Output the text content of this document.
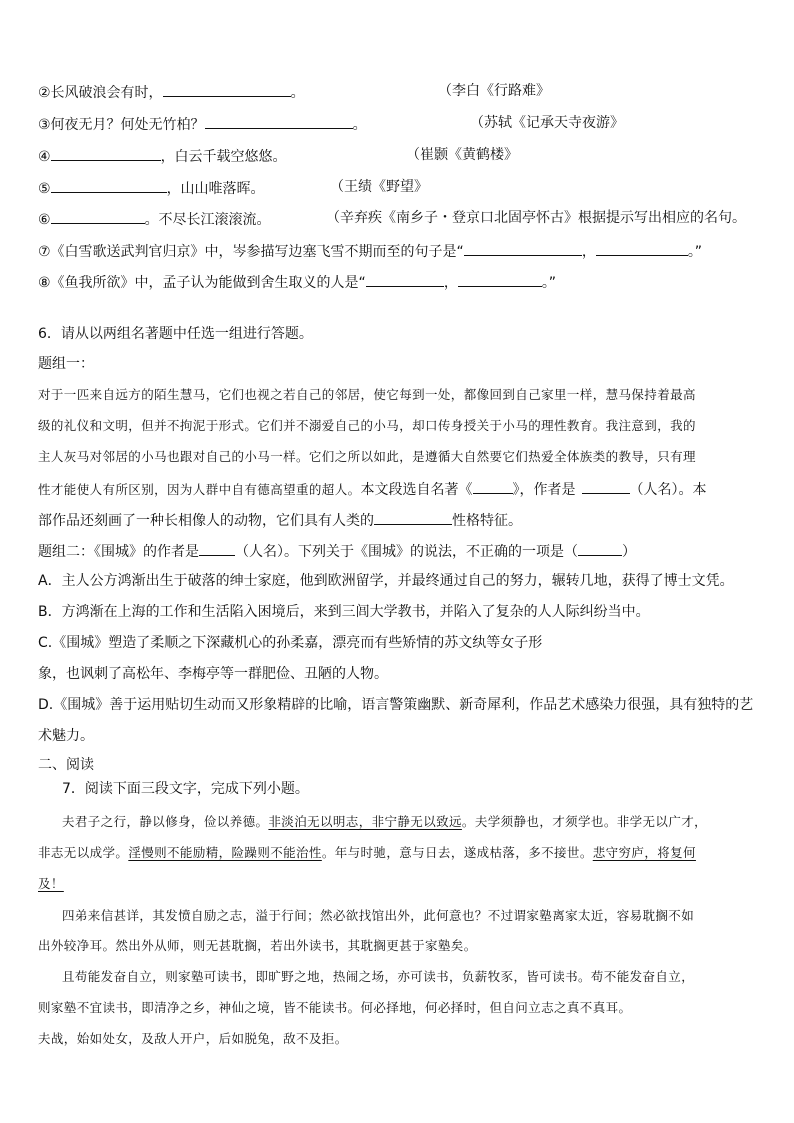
②长风破浪会有时，	。	（李白《行路难》
③何夜无月？何处无竹柏？	。	（苏轼《记承天寺夜游》
④	，白云千载空悠悠。	（崔颢《黄鹤楼》
⑤	，山山唯落晖。	（王绩《野望》
⑥	。不尽长江滚滚流。	（辛弃疾《南乡子・登京口北固亭怀古》根据提示写出相应的名句。
⑦《白雪歌送武判官归京》中，岑参描写边塞飞雪不期而至的句子是“	，	。”
⑧《鱼我所欲》中，孟子认为能做到舍生取义的人是“	，	。”
6．请从以两组名著题中任选一组进行答题。
题组一：
对于一匹来自远方的陌生慧马，它们也视之若自己的邻居，使它每到一处，都像回到自己家里一样，慧马保持着最高
级的礼仪和文明，但并不拘泥于形式。它们并不溺爱自己的小马，却口传身授关于小马的理性教育。我注意到，我的
主人灰马对邻居的小马也跟对自己的小马一样。它们之所以如此，是遵循大自然要它们热爱全体族类的教导，只有理
性才能使人有所区别，因为人群中自有德高望重的超人。本文段选自名著《	》，作者是	（人名）。本
部作品还刻画了一种长相像人的动物，它们具有人类的	性格特征。
题组二：《围城》的作者是	（人名）。下列关于《围城》的说法，不正确的一项是（	）
A．主人公方鸿渐出生于破落的绅士家庭，他到欧洲留学，并最终通过自己的努力，辗转几地，获得了博士文凭。
B．方鸿渐在上海的工作和生活陷入困境后，来到三闾大学教书，并陷入了复杂的人人际纠纷当中。
C.《围城》塑造了柔顺之下深藏机心的孙柔嘉，漂亮而有些矫情的苏文纨等女子形
象，也讽刺了高松年、李梅亭等一群肥俭、丑陋的人物。
D.《围城》善于运用贴切生动而又形象精辟的比喻，语言警策幽默、新奇犀利，作品艺术感染力很强，具有独特的艺
术魅力。
二、阅读
7．阅读下面三段文字，完成下列小题。
夫君子之行，静以修身，俭以养德。非淡泊无以明志，非宁静无以致远。夫学须静也，才须学也。非学无以广才，
非志无以成学。淫慢则不能励精，险躁则不能治性。年与时驰，意与日去，遂成枯落，多不接世。悲守穷庐，将复何
及！
四弟来信甚详，其发愤自励之志，溢于行间；然必欲找馆出外，此何意也？不过谓家塾离家太近，容易耽搁不如
出外较净耳。然出外从师，则无甚耽搁，若出外读书，其耽搁更甚于家塾矣。
且苟能发奋自立，则家塾可读书，即旷野之地，热闹之场，亦可读书，负薪牧豕，皆可读书。苟不能发奋自立，
则家塾不宜读书，即清净之乡，神仙之境，皆不能读书。何必择地，何必择时，但自问立志之真不真耳。
夫战，始如处女，及敌人开户，后如脱兔，敌不及拒。
